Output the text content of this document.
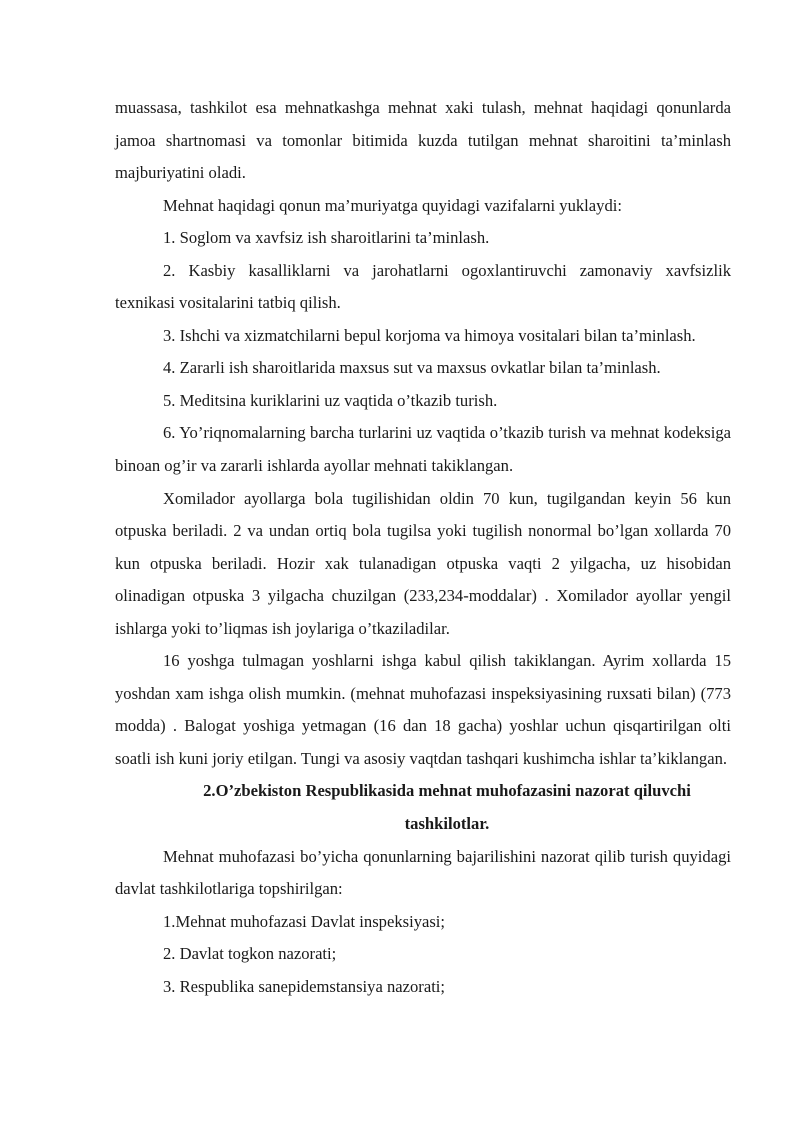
muassasa, tashkilot esa mehnatkashga mehnat xaki tulash, mehnat haqidagi qonunlarda jamoa shartnomasi va tomonlar bitimida kuzda tutilgan mehnat sharoitini ta’minlash majburiyatini oladi.

Mehnat haqidagi qonun ma’muriyatga quyidagi vazifalarni yuklaydi:

1. Soglom va xavfsiz ish sharoitlarini ta’minlash.

2. Kasbiy kasalliklarni va jarohatlarni ogoxlantiruvchi zamonaviy xavfsizlik texnikasi vositalarini tatbiq qilish.

3. Ishchi va xizmatchilarni bepul korjoma va himoya vositalari bilan ta’minlash.

4. Zararli ish sharoitlarida maxsus sut va maxsus ovkatlar bilan ta’minlash.

5. Meditsina kuriklarini uz vaqtida o’tkazib turish.

6. Yo’riqnomalarning barcha turlarini uz vaqtida o’tkazib turish va mehnat kodeksiga binoan og’ir va zararli ishlarda ayollar mehnati takiklangan.

Xomilador ayollarga bola tugilishidan oldin 70 kun, tugilgandan keyin 56 kun otpuska beriladi. 2 va undan ortiq bola tugilsa yoki tugilish nonormal bo’lgan xollarda 70 kun otpuska beriladi. Hozir xak tulanadigan otpuska vaqti 2 yilgacha, uz hisobidan olinadigan otpuska 3 yilgacha chuzilgan (233,234-moddalar) . Xomilador ayollar yengil ishlarga yoki to’liqmas ish joylariga o’tkaziladilar.

16 yoshga tulmagan yoshlarni ishga kabul qilish takiklangan. Ayrim xollarda 15 yoshdan xam ishga olish mumkin. (mehnat muhofazasi inspeksiyasining ruxsati bilan) (773 modda) . Balogat yoshiga yetmagan (16 dan 18 gacha) yoshlar uchun qisqartirilgan olti soatli ish kuni joriy etilgan. Tungi va asosiy vaqtdan tashqari kushimcha ishlar ta’kiklangan.

2.O’zbekiston Respublikasida mehnat muhofazasini nazorat qiluvchi tashkilotlar.

Mehnat muhofazasi bo’yicha qonunlarning bajarilishini nazorat qilib turish quyidagi davlat tashkilotlariga topshirilgan:

1.Mehnat muhofazasi Davlat inspeksiyasi;

2. Davlat togkon nazorati;

3. Respublika sanepidemstansiya nazorati;
